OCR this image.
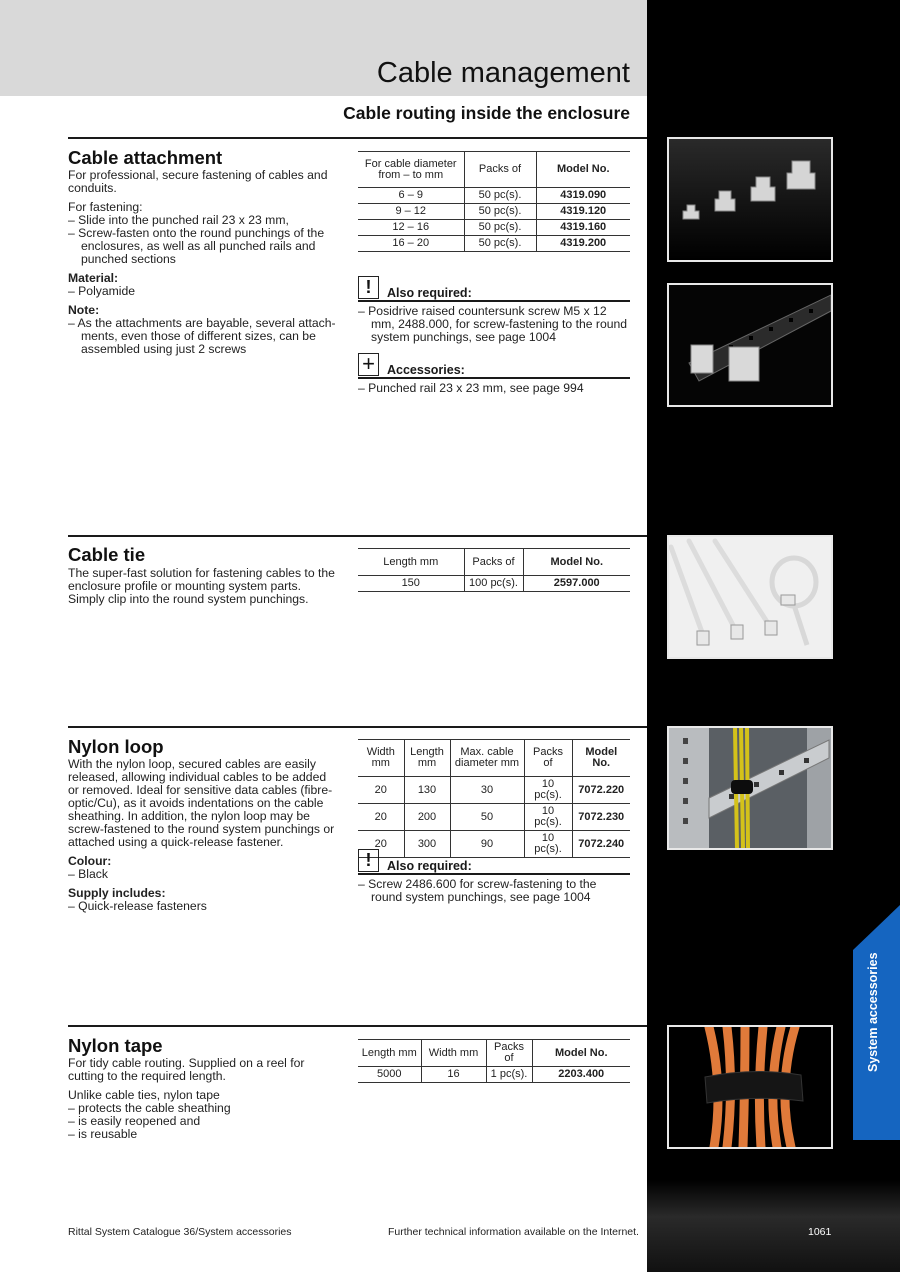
Cable management
Cable routing inside the enclosure
System accessories
Cable attachment

For professional, secure fastening of cables and conduits.

For fastening:

– Slide into the punched rail 23 x 23 mm,
– Screw-fasten onto the round punchings of the enclosures, as well as all punched rails and punched sections

Material:

– Polyamide

Note:

– As the attachments are bayable, several attachments, even those of different sizes, can be assembled using just 2 screws

For cable diameter from – to mm	Packs of	Model No.
6 – 9	50 pc(s).	4319.090
9 – 12	50 pc(s).	4319.120
12 – 16	50 pc(s).	4319.160
16 – 20	50 pc(s).	4319.200
!	Also required:
– Posidrive raised countersunk screw M5 x 12 mm, 2488.000, for screw-fastening to the round system punchings, see page 1004
+ Accessories:
– Punched rail 23 x 23 mm, see page 994
Cable tie

The super-fast solution for fastening cables to the enclosure profile or mounting system parts. Simply clip into the round system punchings.

Length mm	Packs of	Model No.
150	100 pc(s).	2597.000
Nylon loop

With the nylon loop, secured cables are easily released, allowing individual cables to be added or removed. Ideal for sensitive data cables (fibre-optic/Cu), as it avoids indentations on the cable sheathing. In addition, the nylon loop may be screw-fastened to the round system punchings or attached using a quick-release fastener.

Colour:

– Black

Supply includes:

– Quick-release fasteners

Width mm	Length mm	Max. cable diameter mm	Packs of	Model No.
20	130	30	10 pc(s).	7072.220
20	200	50	10 pc(s).	7072.230
20	300	90	10 pc(s).	7072.240
!	Also required:
– Screw 2486.600 for screw-fastening to the round system punchings, see page 1004
Nylon tape

For tidy cable routing. Supplied on a reel for cutting to the required length.

Unlike cable ties, nylon tape
– protects the cable sheathing
– is easily reopened and
– is reusable
Length mm	Width mm	Packs of	Model No.
5000	16	1 pc(s).	2203.400
Rittal System Catalogue 36/System accessories	Further technical information available on the Internet.	1061
